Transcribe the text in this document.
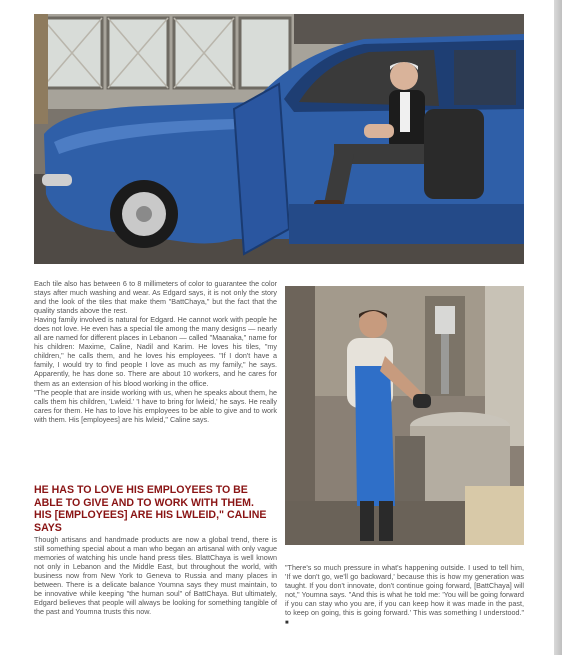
Each tile also has between 6 to 8 millimeters of color to guarantee the color stays after much washing and wear. As Edgard says, it is not only the story and the look of the tiles that make them "BattChaya," but the fact that the quality stands above the rest.
Having family involved is natural for Edgard. He cannot work with people he does not love. He even has a special tile among the many designs — nearly all are named for different places in Lebanon — called "Maanaka," name for his children: Maxime, Caline, Nadil and Karim. He loves his tiles, "my children," he calls them, and he loves his employees. "If I don't have a family, I would try to find people I love as much as my family," he says. Apparently, he has done so. There are about 10 workers, and he cares for them as an extension of his blood working in the office.
"The people that are inside working with us, when he speaks about them, he calls them his children, 'Lwleid.' 'I have to bring for lwleid,' he says. He really cares for them. He has to love his employees to be able to give and to work with them. His [employees] are his lwleid," Caline says.

HE HAS TO LOVE HIS EMPLOYEES TO BE ABLE TO GIVE AND TO WORK WITH THEM. HIS [EMPLOYEES] ARE HIS LWLEID," CALINE SAYS

Though artisans and handmade products are now a global trend, there is still something special about a man who began an artisanal with only vague memories of watching his uncle hand press tiles. BlattChaya is well known not only in Lebanon and the Middle East, but throughout the world, with business now from New York to Geneva to Russia and many places in between. There is a delicate balance Youmna says they must maintain, to be innovative while keeping "the human soul" of BattChaya. But ultimately, Edgard believes that people will always be looking for something tangible of the past and Youmna trusts this now.

"There's so much pressure in what's happening outside. I used to tell him, 'If we don't go, we'll go backward,' because this is how my generation was taught. If you don't innovate, don't continue going forward, [BattChaya] will not," Youmna says. "And this is what he told me: 'You will be going forward if you can stay who you are, if you can keep how it was made in the past, to keep on going, this is going forward.' This was something I understood." ■
